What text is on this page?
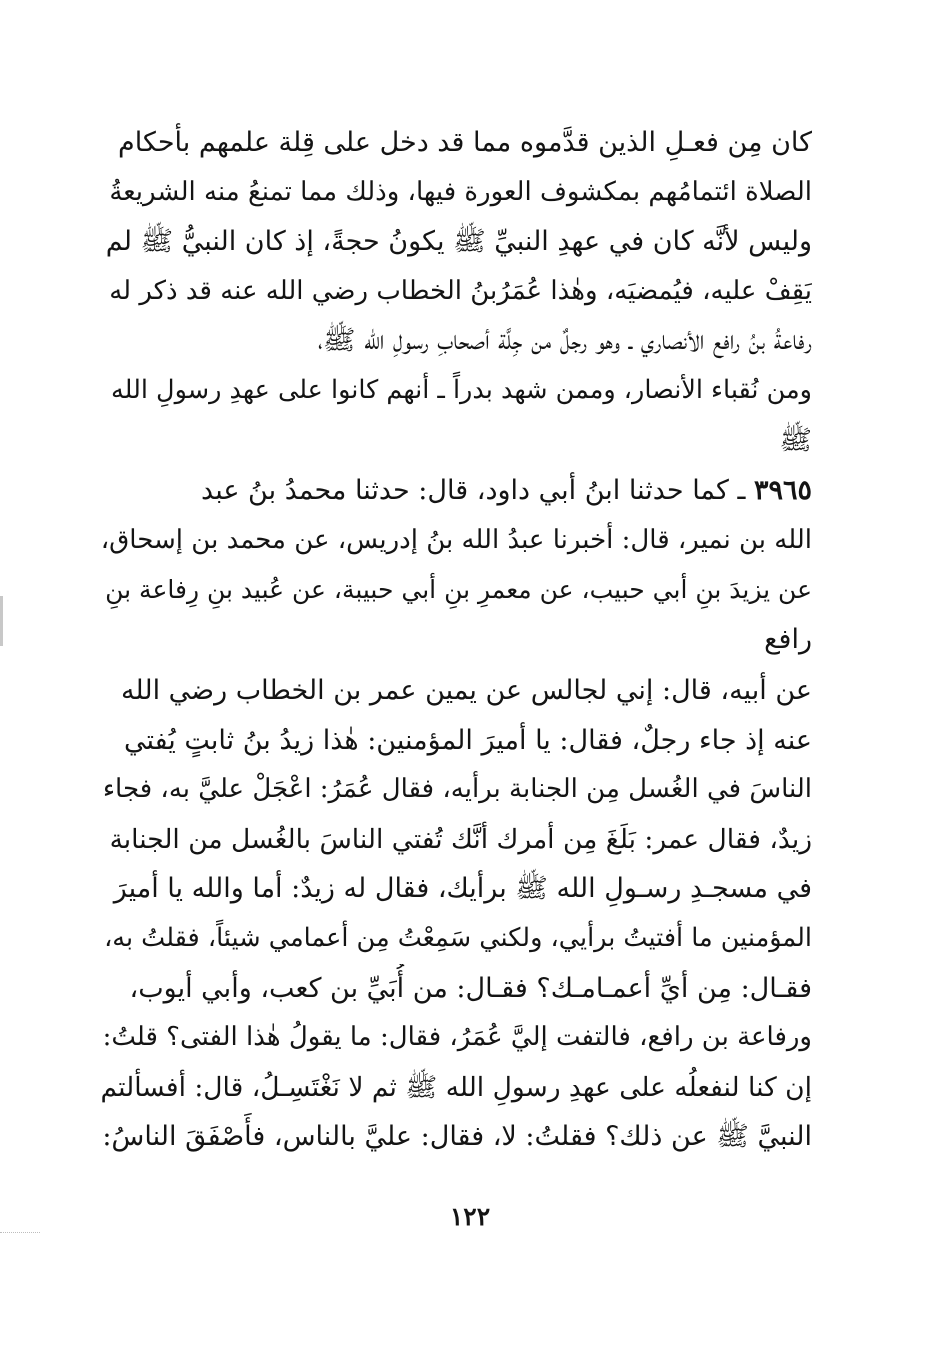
كان مِن فعـلِ الذين قدَّموه مما قد دخل على قِلة علمهم بأحكام
الصلاة ائتمامُهم بمكشوف العورة فيها، وذلك مما تمنعُ منه الشريعةُ
وليس لأنَّه كان في عهدِ النبيِّ ﷺ يكونُ حجةً، إذ كان النبيُّ ﷺ لم
يَقِفْ عليه، فيُمضيَه، وهٰذا عُمَرُبنُ الخطاب رضي الله عنه قد ذكر له
رفاعةُ بنُ رافع الأنصاري ـ وهو رجلٌ من جِلَّة أصحابِ رسولِ الله ﷺ،
ومن نُقباء الأنصار، وممن شهد بدراً ـ أنهم كانوا على عهدِ رسولِ الله
ﷺ
٣٩٦٥ ـ كما حدثنا ابنُ أبي داود، قال: حدثنا محمدُ بنُ عبد
الله بن نمير، قال: أخبرنا عبدُ الله بنُ إدريس، عن محمد بن إسحاق،
عن يزيدَ بنِ أبي حبيب، عن معمرِ بنِ أبي حبيبة، عن عُبيد بنِ رِفاعة بنِ
رافع
عن أبيه، قال: إني لجالس عن يمين عمر بن الخطاب رضي الله
عنه إذ جاء رجلٌ، فقال: يا أميرَ المؤمنين: هٰذا زيدُ بنُ ثابتٍ يُفتي
الناسَ في الغُسل مِن الجنابة برأيه، فقال عُمَرُ: اعْجَلْ عليَّ به، فجاء
زيدٌ، فقال عمر: بَلَغَ مِن أمرك أنَّك تُفتي الناسَ بالغُسل من الجنابة
في مسجـدِ رسـولِ الله ﷺ برأيك، فقال له زيدٌ: أما والله يا أميرَ
المؤمنين ما أفتيتُ برأيي، ولكني سَمِعْتُ مِن أعمامي شيئاً، فقلتُ به،
فقـال: مِن أيِّ أعمـامـك؟ فقـال: من أُبَيِّ بن كعب، وأبي أيوب،
ورفاعة بن رافع، فالتفت إليَّ عُمَرُ، فقال: ما يقولُ هٰذا الفتى؟ قلتُ:
إن كنا لنفعلُه على عهدِ رسولِ الله ﷺ ثم لا نَغْتَسِـلُ، قال: أفسألتم
النبيَّ ﷺ عن ذلك؟ فقلتُ: لا، فقال: عليَّ بالناس، فأَصْفَقَ الناسُ:
١٢٢
